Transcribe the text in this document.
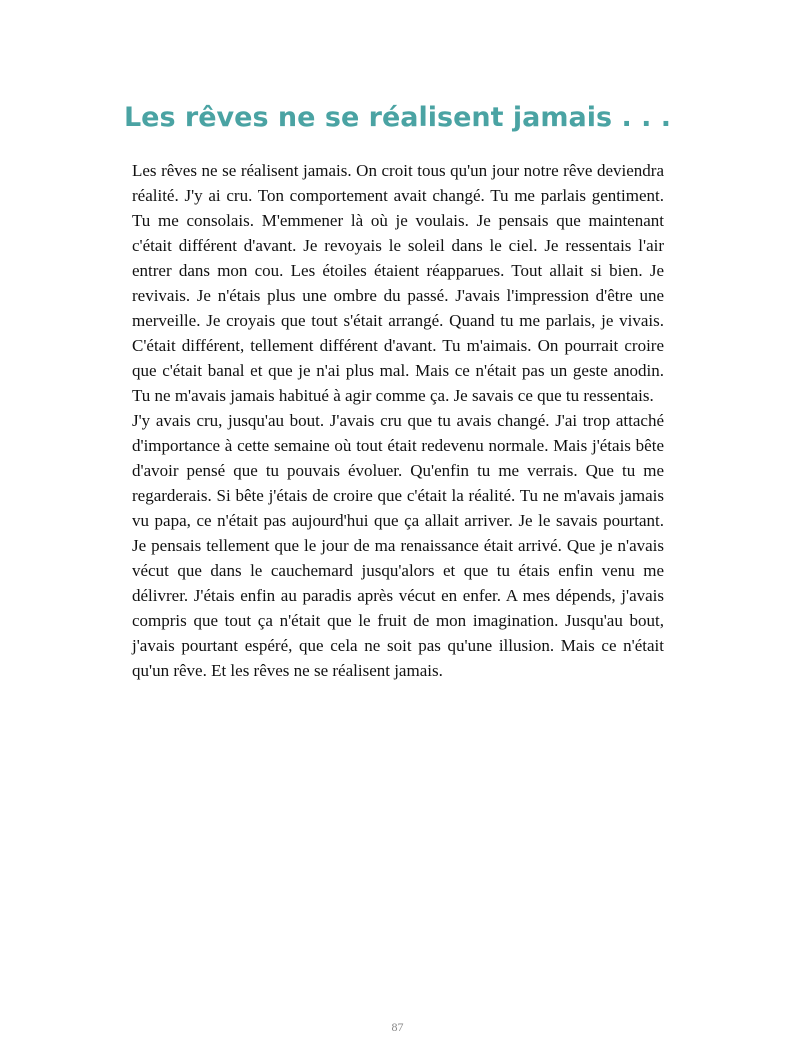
Les rêves ne se réalisent jamais . . .

Les rêves ne se réalisent jamais. On croit tous qu'un jour notre rêve deviendra réalité. J'y ai cru. Ton comportement avait changé. Tu me parlais gentiment. Tu me consolais. M'emmener là où je voulais. Je pensais que maintenant c'était différent d'avant. Je revoyais le soleil dans le ciel. Je ressentais l'air entrer dans mon cou. Les étoiles étaient réapparues. Tout allait si bien. Je revivais. Je n'étais plus une ombre du passé. J'avais l'impression d'être une merveille. Je croyais que tout s'était arrangé. Quand tu me parlais, je vivais. C'était différent, tellement différent d'avant. Tu m'aimais. On pourrait croire que c'était banal et que je n'ai plus mal. Mais ce n'était pas un geste anodin. Tu ne m'avais jamais habitué à agir comme ça. Je savais ce que tu ressentais.

J'y avais cru, jusqu'au bout. J'avais cru que tu avais changé. J'ai trop attaché d'importance à cette semaine où tout était redevenu normale. Mais j'étais bête d'avoir pensé que tu pouvais évoluer. Qu'enfin tu me verrais. Que tu me regarderais. Si bête j'étais de croire que c'était la réalité. Tu ne m'avais jamais vu papa, ce n'était pas aujourd'hui que ça allait arriver. Je le savais pourtant. Je pensais tellement que le jour de ma renaissance était arrivé. Que je n'avais vécut que dans le cauchemard jusqu'alors et que tu étais enfin venu me délivrer. J'étais enfin au paradis après vécut en enfer. A mes dépends, j'avais compris que tout ça n'était que le fruit de mon imagination. Jusqu'au bout, j'avais pourtant espéré, que cela ne soit pas qu'une illusion. Mais ce n'était qu'un rêve. Et les rêves ne se réalisent jamais.

87
